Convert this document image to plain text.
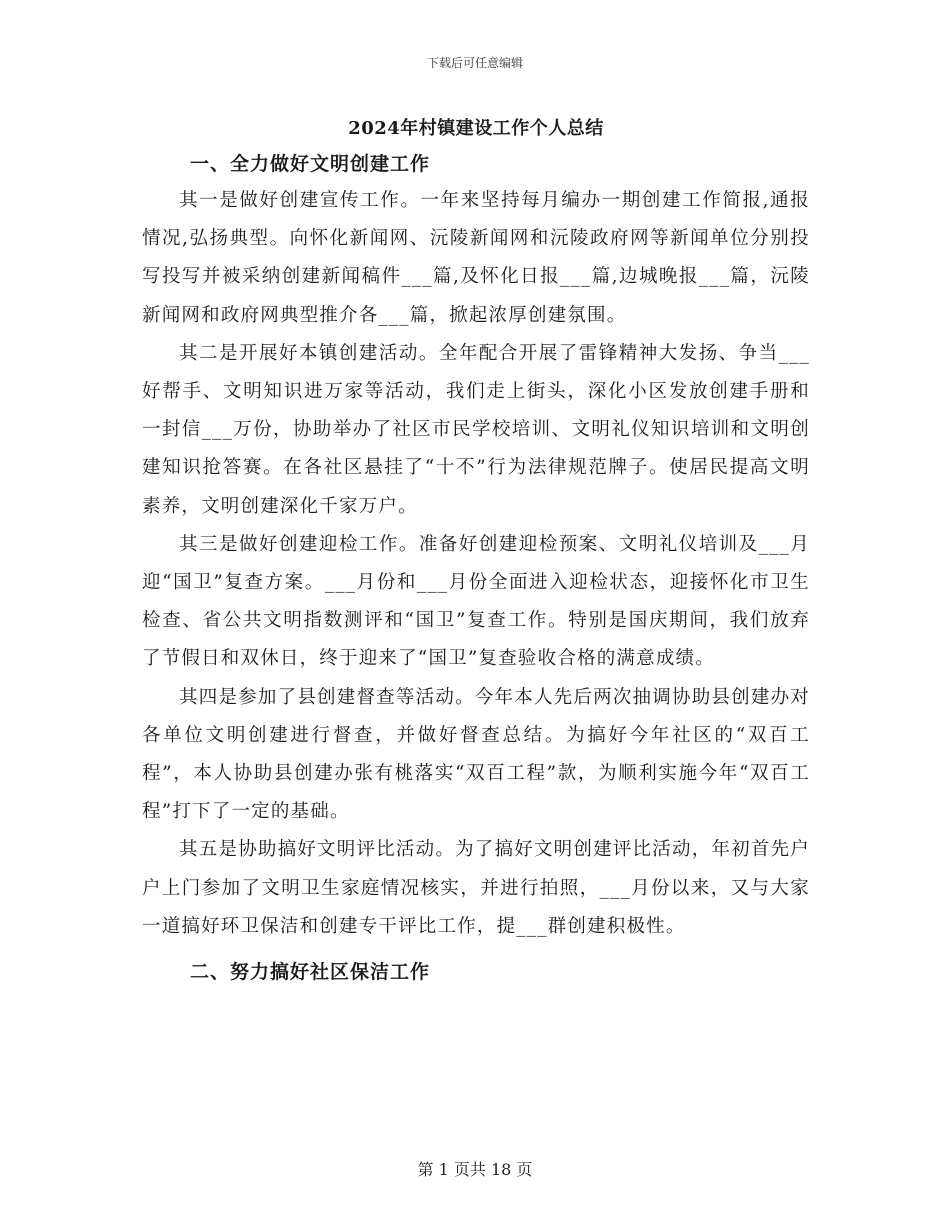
下载后可任意编辑
2024年村镇建设工作个人总结
一、全力做好文明创建工作

其一是做好创建宣传工作。一年来坚持每月编办一期创建工作简报,通报情况,弘扬典型。向怀化新闻网、沅陵新闻网和沅陵政府网等新闻单位分别投写投写并被采纳创建新闻稿件___篇,及怀化日报___篇,边城晚报___篇，沅陵新闻网和政府网典型推介各___篇，掀起浓厚创建氛围。

其二是开展好本镇创建活动。全年配合开展了雷锋精神大发扬、争当___好帮手、文明知识进万家等活动，我们走上街头，深化小区发放创建手册和一封信___万份，协助举办了社区市民学校培训、文明礼仪知识培训和文明创建知识抢答赛。在各社区悬挂了“十不”行为法律规范牌子。使居民提高文明素养，文明创建深化千家万户。

其三是做好创建迎检工作。准备好创建迎检预案、文明礼仪培训及___月迎“国卫”复查方案。___月份和___月份全面进入迎检状态，迎接怀化市卫生检查、省公共文明指数测评和“国卫”复查工作。特别是国庆期间，我们放弃了节假日和双休日，终于迎来了“国卫”复查验收合格的满意成绩。

其四是参加了县创建督查等活动。今年本人先后两次抽调协助县创建办对各单位文明创建进行督查，并做好督查总结。为搞好今年社区的“双百工程”，本人协助县创建办张有桃落实“双百工程”款，为顺利实施今年“双百工程”打下了一定的基础。

其五是协助搞好文明评比活动。为了搞好文明创建评比活动，年初首先户户上门参加了文明卫生家庭情况核实，并进行拍照，___月份以来，又与大家一道搞好环卫保洁和创建专干评比工作，提___群创建积极性。

二、努力搞好社区保洁工作
第 1 页共 18 页
